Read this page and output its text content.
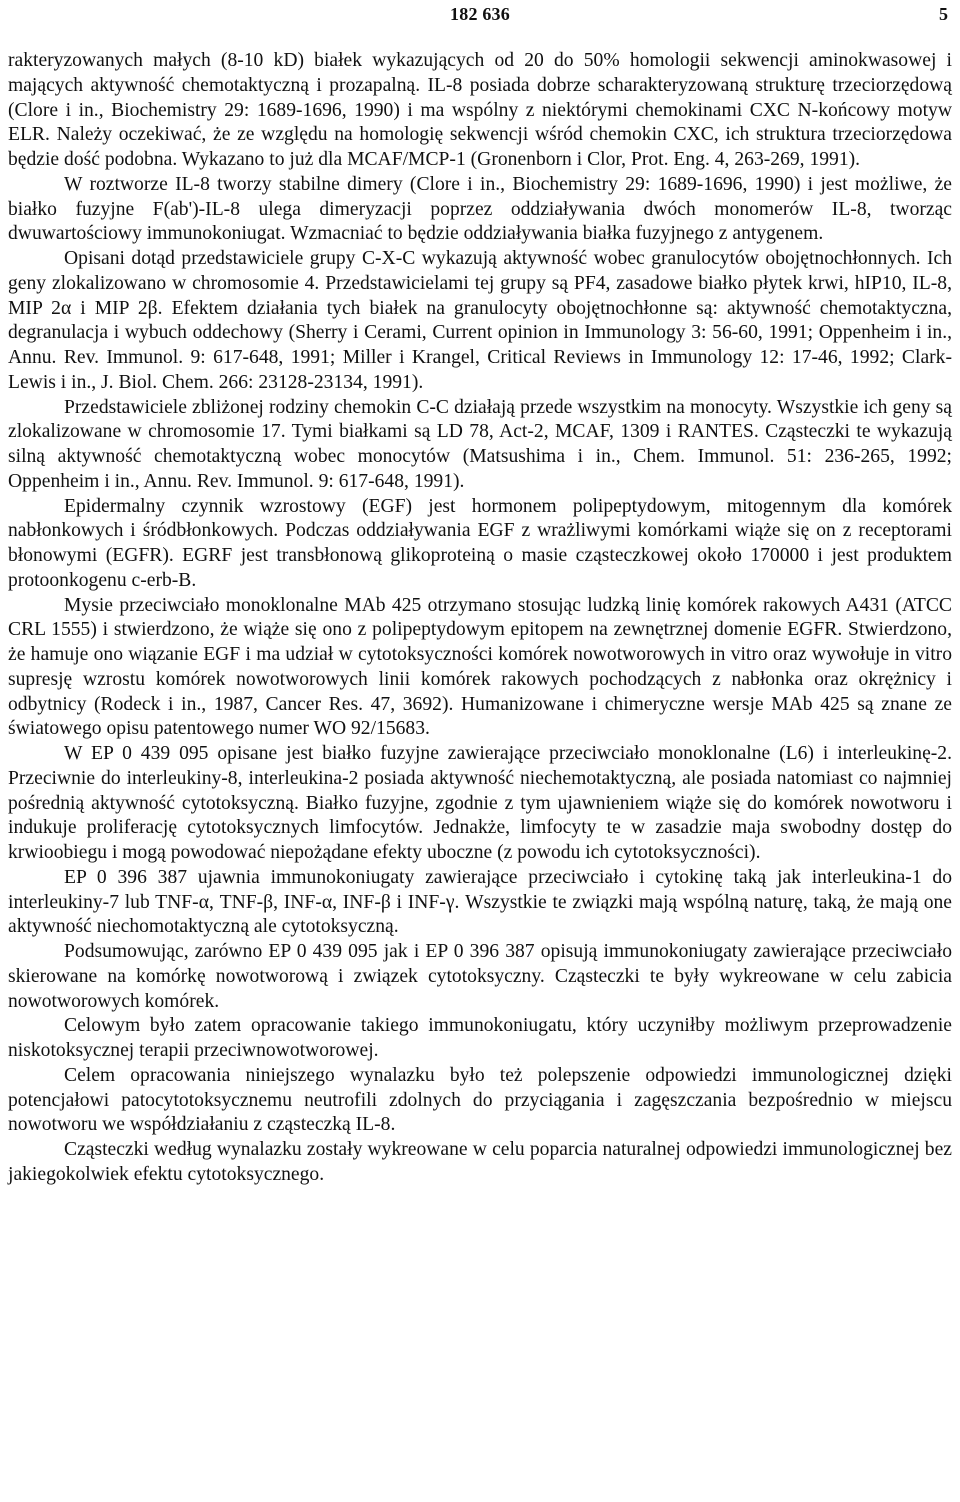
182 636	5

rakteryzowanych małych (8-10 kD) białek wykazujących od 20 do 50% homologii sekwencji aminokwasowej i mających aktywność chemotaktyczną i prozapalną. IL-8 posiada dobrze scharakteryzowaną strukturę trzeciorzędową (Clore i in., Biochemistry 29: 1689-1696, 1990) i ma wspólny z niektórymi chemokinami CXC N-końcowy motyw ELR. Należy oczekiwać, że ze względu na homologię sekwencji wśród chemokin CXC, ich struktura trzeciorzędowa będzie dość podobna. Wykazano to już dla MCAF/MCP-1 (Gronenborn i Clor, Prot. Eng. 4, 263-269, 1991).

W roztworze IL-8 tworzy stabilne dimery (Clore i in., Biochemistry 29: 1689-1696, 1990) i jest możliwe, że białko fuzyjne F(ab')-IL-8 ulega dimeryzacji poprzez oddziaływania dwóch monomerów IL-8, tworząc dwuwartościowy immunokoniugat. Wzmacniać to będzie oddziaływania białka fuzyjnego z antygenem.

Opisani dotąd przedstawiciele grupy C-X-C wykazują aktywność wobec granulocytów obojętnochłonnych. Ich geny zlokalizowano w chromosomie 4. Przedstawicielami tej grupy są PF4, zasadowe białko płytek krwi, hIP10, IL-8, MIP 2α i MIP 2β. Efektem działania tych białek na granulocyty obojętnochłonne są: aktywność chemotaktyczna, degranulacja i wybuch oddechowy (Sherry i Cerami, Current opinion in Immunology 3: 56-60, 1991; Oppenheim i in., Annu. Rev. Immunol. 9: 617-648, 1991; Miller i Krangel, Critical Reviews in Immunology 12: 17-46, 1992; Clark-Lewis i in., J. Biol. Chem. 266: 23128-23134, 1991).

Przedstawiciele zbliżonej rodziny chemokin C-C działają przede wszystkim na monocyty. Wszystkie ich geny są zlokalizowane w chromosomie 17. Tymi białkami są LD 78, Act-2, MCAF, 1309 i RANTES. Cząsteczki te wykazują silną aktywność chemotaktyczną wobec monocytów (Matsushima i in., Chem. Immunol. 51: 236-265, 1992; Oppenheim i in., Annu. Rev. Immunol. 9: 617-648, 1991).

Epidermalny czynnik wzrostowy (EGF) jest hormonem polipeptydowym, mitogennym dla komórek nabłonkowych i śródbłonkowych. Podczas oddziaływania EGF z wrażliwymi komórkami wiąże się on z receptorami błonowymi (EGFR). EGRF jest transbłonową glikoproteiną o masie cząsteczkowej około 170000 i jest produktem protoonkogenu c-erb-B.

Mysie przeciwciało monoklonalne MAb 425 otrzymano stosując ludzką linię komórek rakowych A431 (ATCC CRL 1555) i stwierdzono, że wiąże się ono z polipeptydowym epitopem na zewnętrznej domenie EGFR. Stwierdzono, że hamuje ono wiązanie EGF i ma udział w cytotoksyczności komórek nowotworowych in vitro oraz wywołuje in vitro supresję wzrostu komórek nowotworowych linii komórek rakowych pochodzących z nabłonka oraz okrężnicy i odbytnicy (Rodeck i in., 1987, Cancer Res. 47, 3692). Humanizowane i chimeryczne wersje MAb 425 są znane ze światowego opisu patentowego numer WO 92/15683.

W EP 0 439 095 opisane jest białko fuzyjne zawierające przeciwciało monoklonalne (L6) i interleukinę-2. Przeciwnie do interleukiny-8, interleukina-2 posiada aktywność niechemotaktyczną, ale posiada natomiast co najmniej pośrednią aktywność cytotoksyczną. Białko fuzyjne, zgodnie z tym ujawnieniem wiąże się do komórek nowotworu i indukuje proliferację cytotoksycznych limfocytów. Jednakże, limfocyty te w zasadzie maja swobodny dostęp do krwioobiegu i mogą powodować niepożądane efekty uboczne (z powodu ich cytotoksyczności).

EP 0 396 387 ujawnia immunokoniugaty zawierające przeciwciało i cytokinę taką jak interleukina-1 do interleukiny-7 lub TNF-α, TNF-β, INF-α, INF-β i INF-γ. Wszystkie te związki mają wspólną naturę, taką, że mają one aktywność niechomotaktyczną ale cytotoksyczną.

Podsumowując, zarówno EP 0 439 095 jak i EP 0 396 387 opisują immunokoniugaty zawierające przeciwciało skierowane na komórkę nowotworową i związek cytotoksyczny. Cząsteczki te były wykreowane w celu zabicia nowotworowych komórek.

Celowym było zatem opracowanie takiego immunokoniugatu, który uczyniłby możliwym przeprowadzenie niskotoksycznej terapii przeciwnowotworowej.

Celem opracowania niniejszego wynalazku było też polepszenie odpowiedzi immunologicznej dzięki potencjałowi patocytotoksycznemu neutrofili zdolnych do przyciągania i zagęszczania bezpośrednio w miejscu nowotworu we współdziałaniu z cząsteczką IL-8.

Cząsteczki według wynalazku zostały wykreowane w celu poparcia naturalnej odpowiedzi immunologicznej bez jakiegokolwiek efektu cytotoksycznego.
